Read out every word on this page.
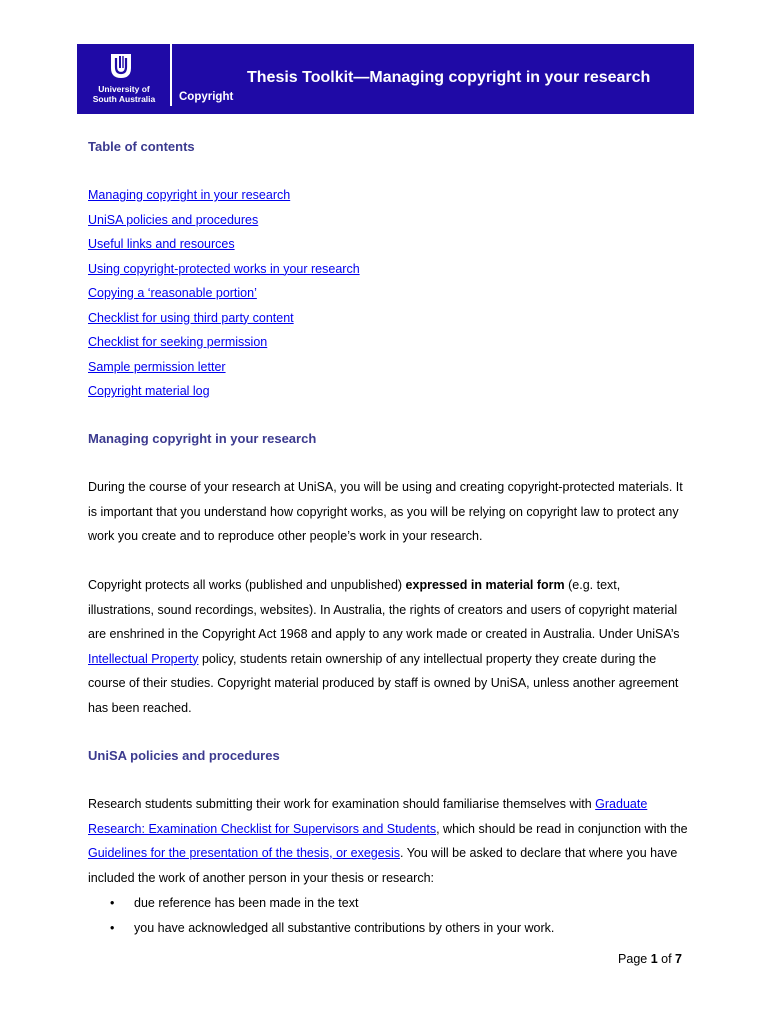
University of
South Australia	Copyright
Thesis Toolkit—Managing copyright in your research
Table of contents
Managing copyright in your research
UniSA policies and procedures
Useful links and resources
Using copyright-protected works in your research
Copying a ‘reasonable portion’
Checklist for using third party content
Checklist for seeking permission
Sample permission letter
Copyright material log
Managing copyright in your research

During the course of your research at UniSA, you will be using and creating copyright-protected materials. It is important that you understand how copyright works, as you will be relying on copyright law to protect any work you create and to reproduce other people’s work in your research.

Copyright protects all works (published and unpublished) expressed in material form (e.g. text, illustrations, sound recordings, websites). In Australia, the rights of creators and users of copyright material are enshrined in the Copyright Act 1968 and apply to any work made or created in Australia. Under UniSA’s Intellectual Property policy, students retain ownership of any intellectual property they create during the course of their studies. Copyright material produced by staff is owned by UniSA, unless another agreement has been reached.

UniSA policies and procedures

Research students submitting their work for examination should familiarise themselves with Graduate Research: Examination Checklist for Supervisors and Students, which should be read in conjunction with the Guidelines for the presentation of the thesis, or exegesis. You will be asked to declare that where you have included the work of another person in your thesis or research:

• due reference has been made in the text
• you have acknowledged all substantive contributions by others in your work.
Page 1 of 7
